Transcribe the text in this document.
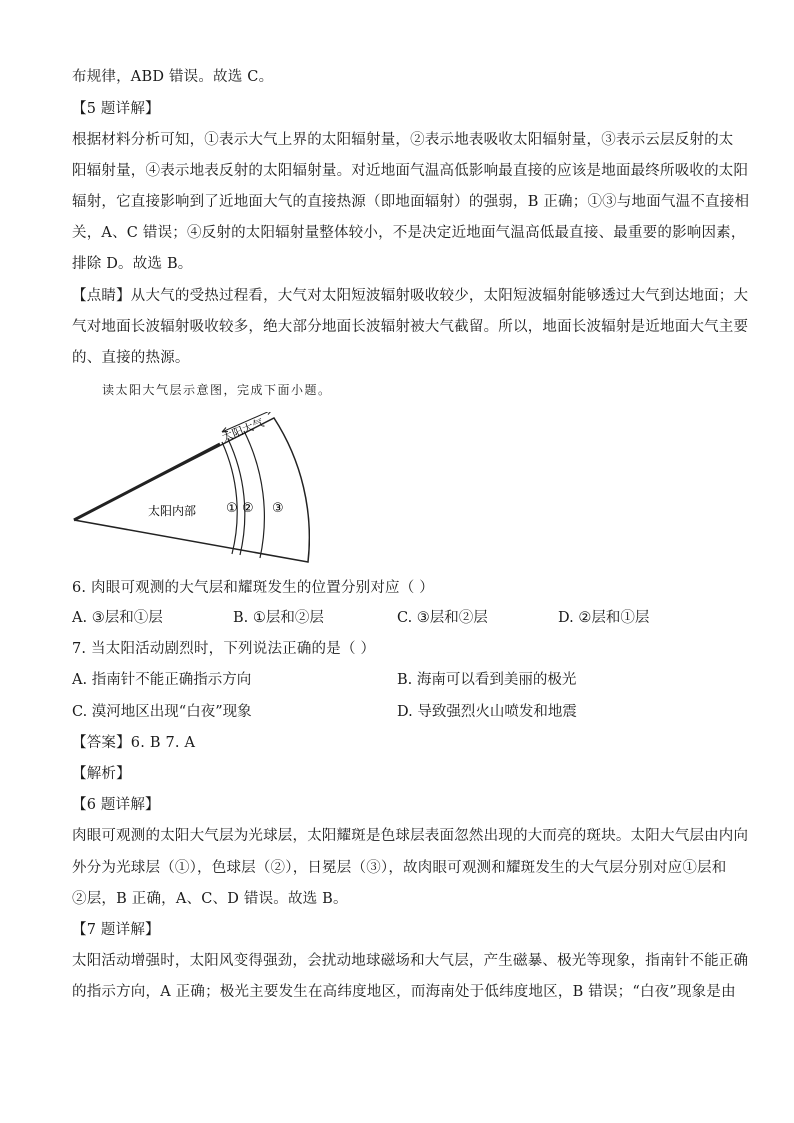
布规律，ABD 错误。故选 C。
【5 题详解】
根据材料分析可知，①表示大气上界的太阳辐射量，②表示地表吸收太阳辐射量，③表示云层反射的太
阳辐射量，④表示地表反射的太阳辐射量。对近地面气温高低影响最直接的应该是地面最终所吸收的太阳
辐射，它直接影响到了近地面大气的直接热源（即地面辐射）的强弱，B 正确；①③与地面气温不直接相
关，A、C 错误；④反射的太阳辐射量整体较小，不是决定近地面气温高低最直接、最重要的影响因素，
排除 D。故选 B。
【点睛】从大气的受热过程看，大气对太阳短波辐射吸收较少，太阳短波辐射能够透过大气到达地面；大
气对地面长波辐射吸收较多，绝大部分地面长波辐射被大气截留。所以，地面长波辐射是近地面大气主要
的、直接的热源。
读太阳大气层示意图，完成下面小题。
太阳大气
太阳内部 ① ② ③
6. 肉眼可观测的大气层和耀斑发生的位置分别对应（ ）
A. ③层和①层	B. ①层和②层	C. ③层和②层	D. ②层和①层
7. 当太阳活动剧烈时，下列说法正确的是（ ）
A. 指南针不能正确指示方向	B. 海南可以看到美丽的极光
C. 漠河地区出现“白夜”现象	D. 导致强烈火山喷发和地震
【答案】6. B 7. A
【解析】
【6 题详解】
肉眼可观测的太阳大气层为光球层，太阳耀斑是色球层表面忽然出现的大而亮的斑块。太阳大气层由内向
外分为光球层（①），色球层（②），日冕层（③），故肉眼可观测和耀斑发生的大气层分别对应①层和
②层，B 正确，A、C、D 错误。故选 B。
【7 题详解】
太阳活动增强时，太阳风变得强劲，会扰动地球磁场和大气层，产生磁暴、极光等现象，指南针不能正确
的指示方向，A 正确；极光主要发生在高纬度地区，而海南处于低纬度地区，B 错误；“白夜”现象是由
